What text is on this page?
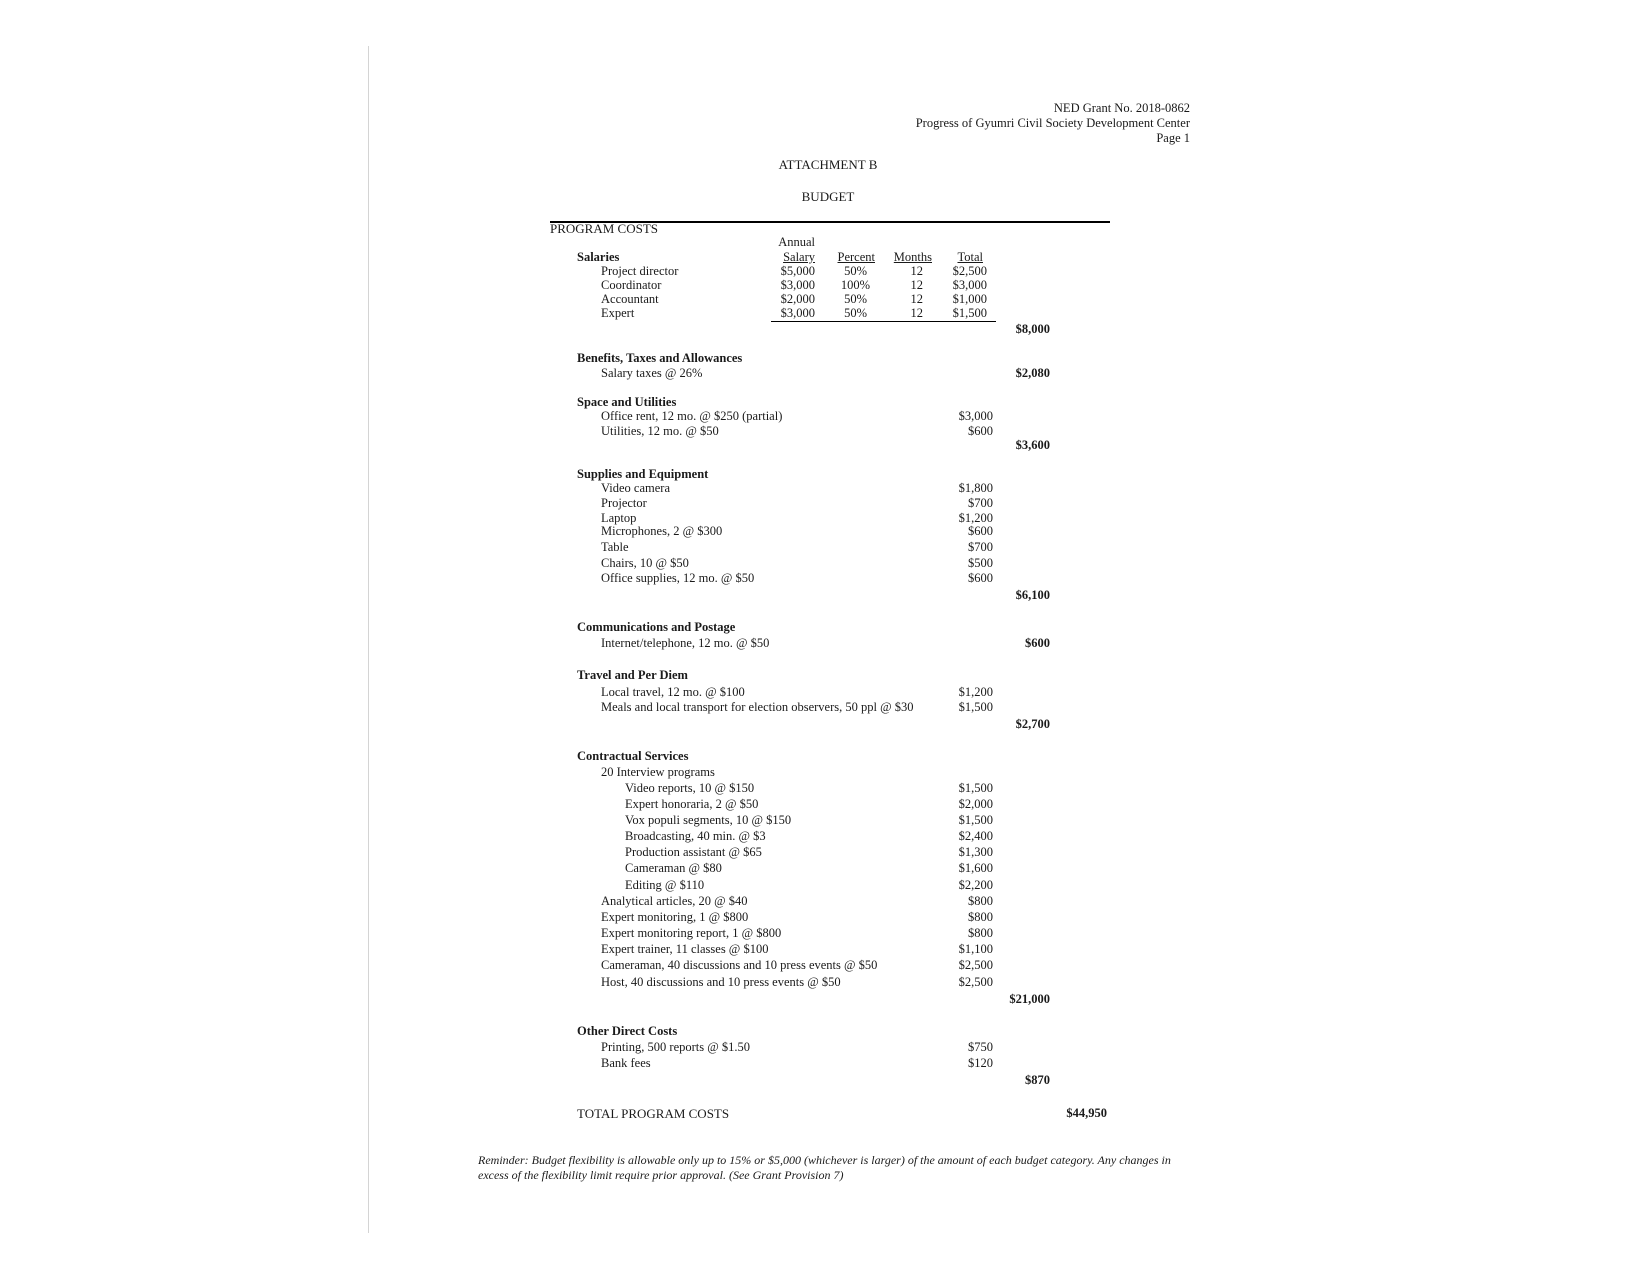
NED Grant No. 2018-0862
Progress of Gyumri Civil Society Development Center
Page 1
ATTACHMENT B
BUDGET
PROGRAM COSTS
Annual
Salaries	Salary Percent Months Total
Project director	$5,000 50%	12 $2,500
Coordinator	$3,000 100%	12 $3,000
Accountant	$2,000 50%	12 $1,000
Expert	$3,000 50%	12 $1,500
$8,000
Benefits, Taxes and Allowances
Salary taxes @ 26%	$2,080
Space and Utilities
Office rent, 12 mo. @ $250 (partial)	$3,000
Utilities, 12 mo. @ $50	$600
$3,600
Supplies and Equipment
Video camera	$1,800
Projector	$700
Laptop	$1,200
Microphones, 2 @ $300	$600
Table	$700
Chairs, 10 @ $50	$500
Office supplies, 12 mo. @ $50	$600
$6,100
Communications and Postage
Internet/telephone, 12 mo. @ $50	$600
Travel and Per Diem
Local travel, 12 mo. @ $100	$1,200
Meals and local transport for election observers, 50 ppl @ $30	$1,500
$2,700
Contractual Services
20 Interview programs
Video reports, 10 @ $150	$1,500
Expert honoraria, 2 @ $50	$2,000
Vox populi segments, 10 @ $150	$1,500
Broadcasting, 40 min. @ $3	$2,400
Production assistant @ $65	$1,300
Cameraman @ $80	$1,600
Editing @ $110	$2,200
Analytical articles, 20 @ $40	$800
Expert monitoring, 1 @ $800	$800
Expert monitoring report, 1 @ $800	$800
Expert trainer, 11 classes @ $100	$1,100
Cameraman, 40 discussions and 10 press events @ $50	$2,500
Host, 40 discussions and 10 press events @ $50	$2,500
$21,000
Other Direct Costs
Printing, 500 reports @ $1.50	$750
Bank fees	$120
$870
TOTAL PROGRAM COSTS	$44,950
Reminder: Budget flexibility is allowable only up to 15% or $5,000 (whichever is larger) of the amount of each budget category. Any changes in
excess of the flexibility limit require prior approval. (See Grant Provision 7)
